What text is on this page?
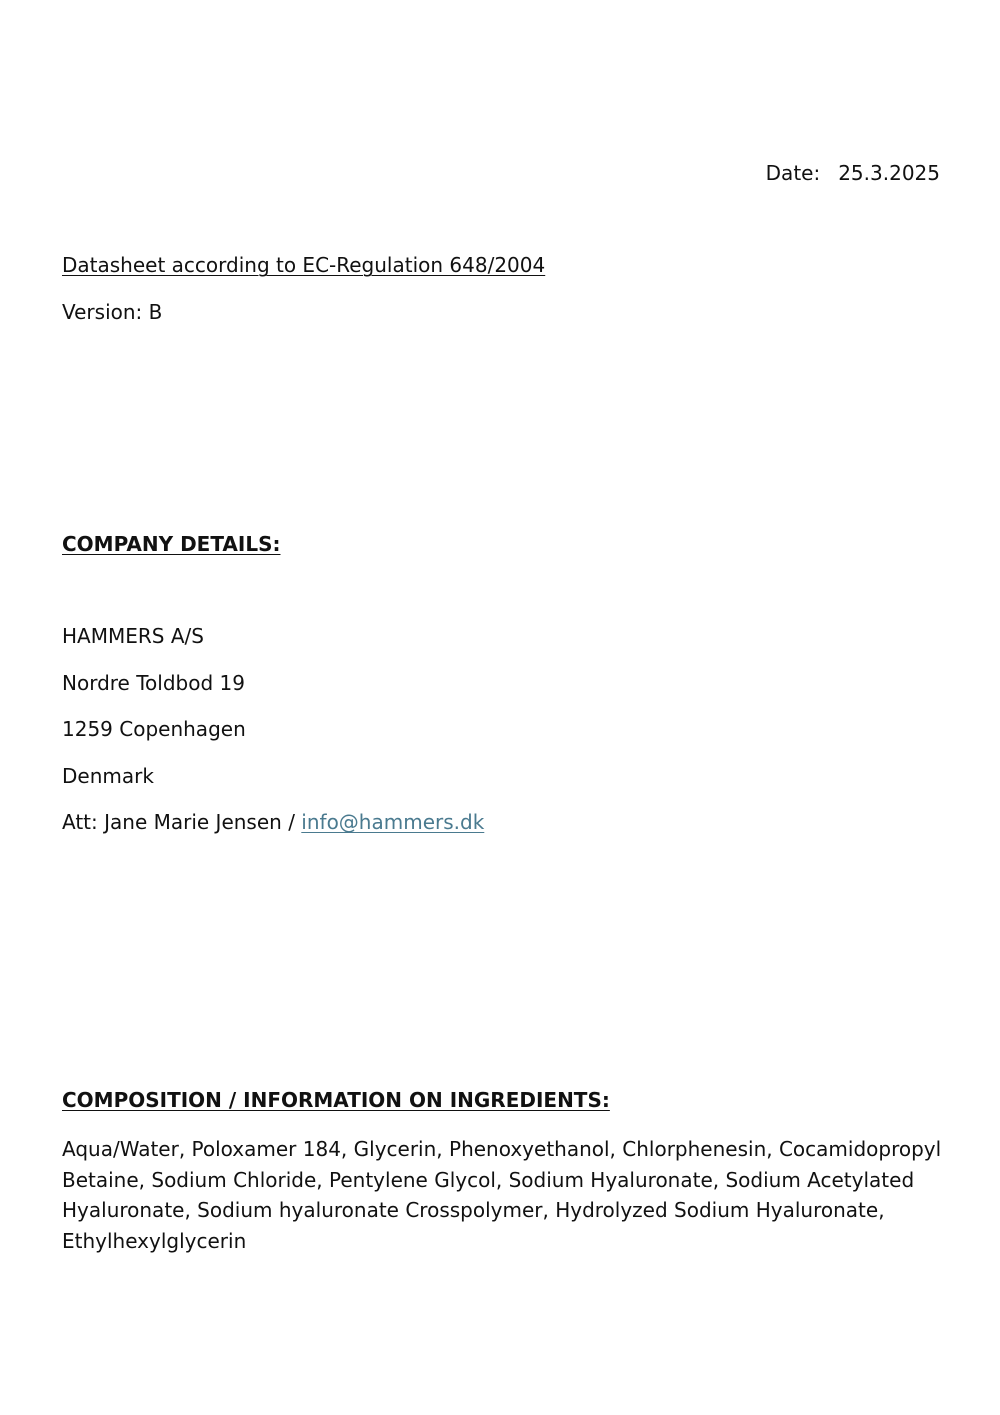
Date: 25.3.2025

Datasheet according to EC-Regulation 648/2004

Version: B

COMPANY DETAILS:

HAMMERS A/S

Nordre Toldbod 19

1259 Copenhagen

Denmark

Att: Jane Marie Jensen / info@hammers.dk

COMPOSITION / INFORMATION ON INGREDIENTS:

Aqua/Water, Poloxamer 184, Glycerin, Phenoxyethanol, Chlorphenesin, Cocamidopropyl Betaine, Sodium Chloride, Pentylene Glycol, Sodium Hyaluronate, Sodium Acetylated Hyaluronate, Sodium hyaluronate Crosspolymer, Hydrolyzed Sodium Hyaluronate, Ethylhexylglycerin
